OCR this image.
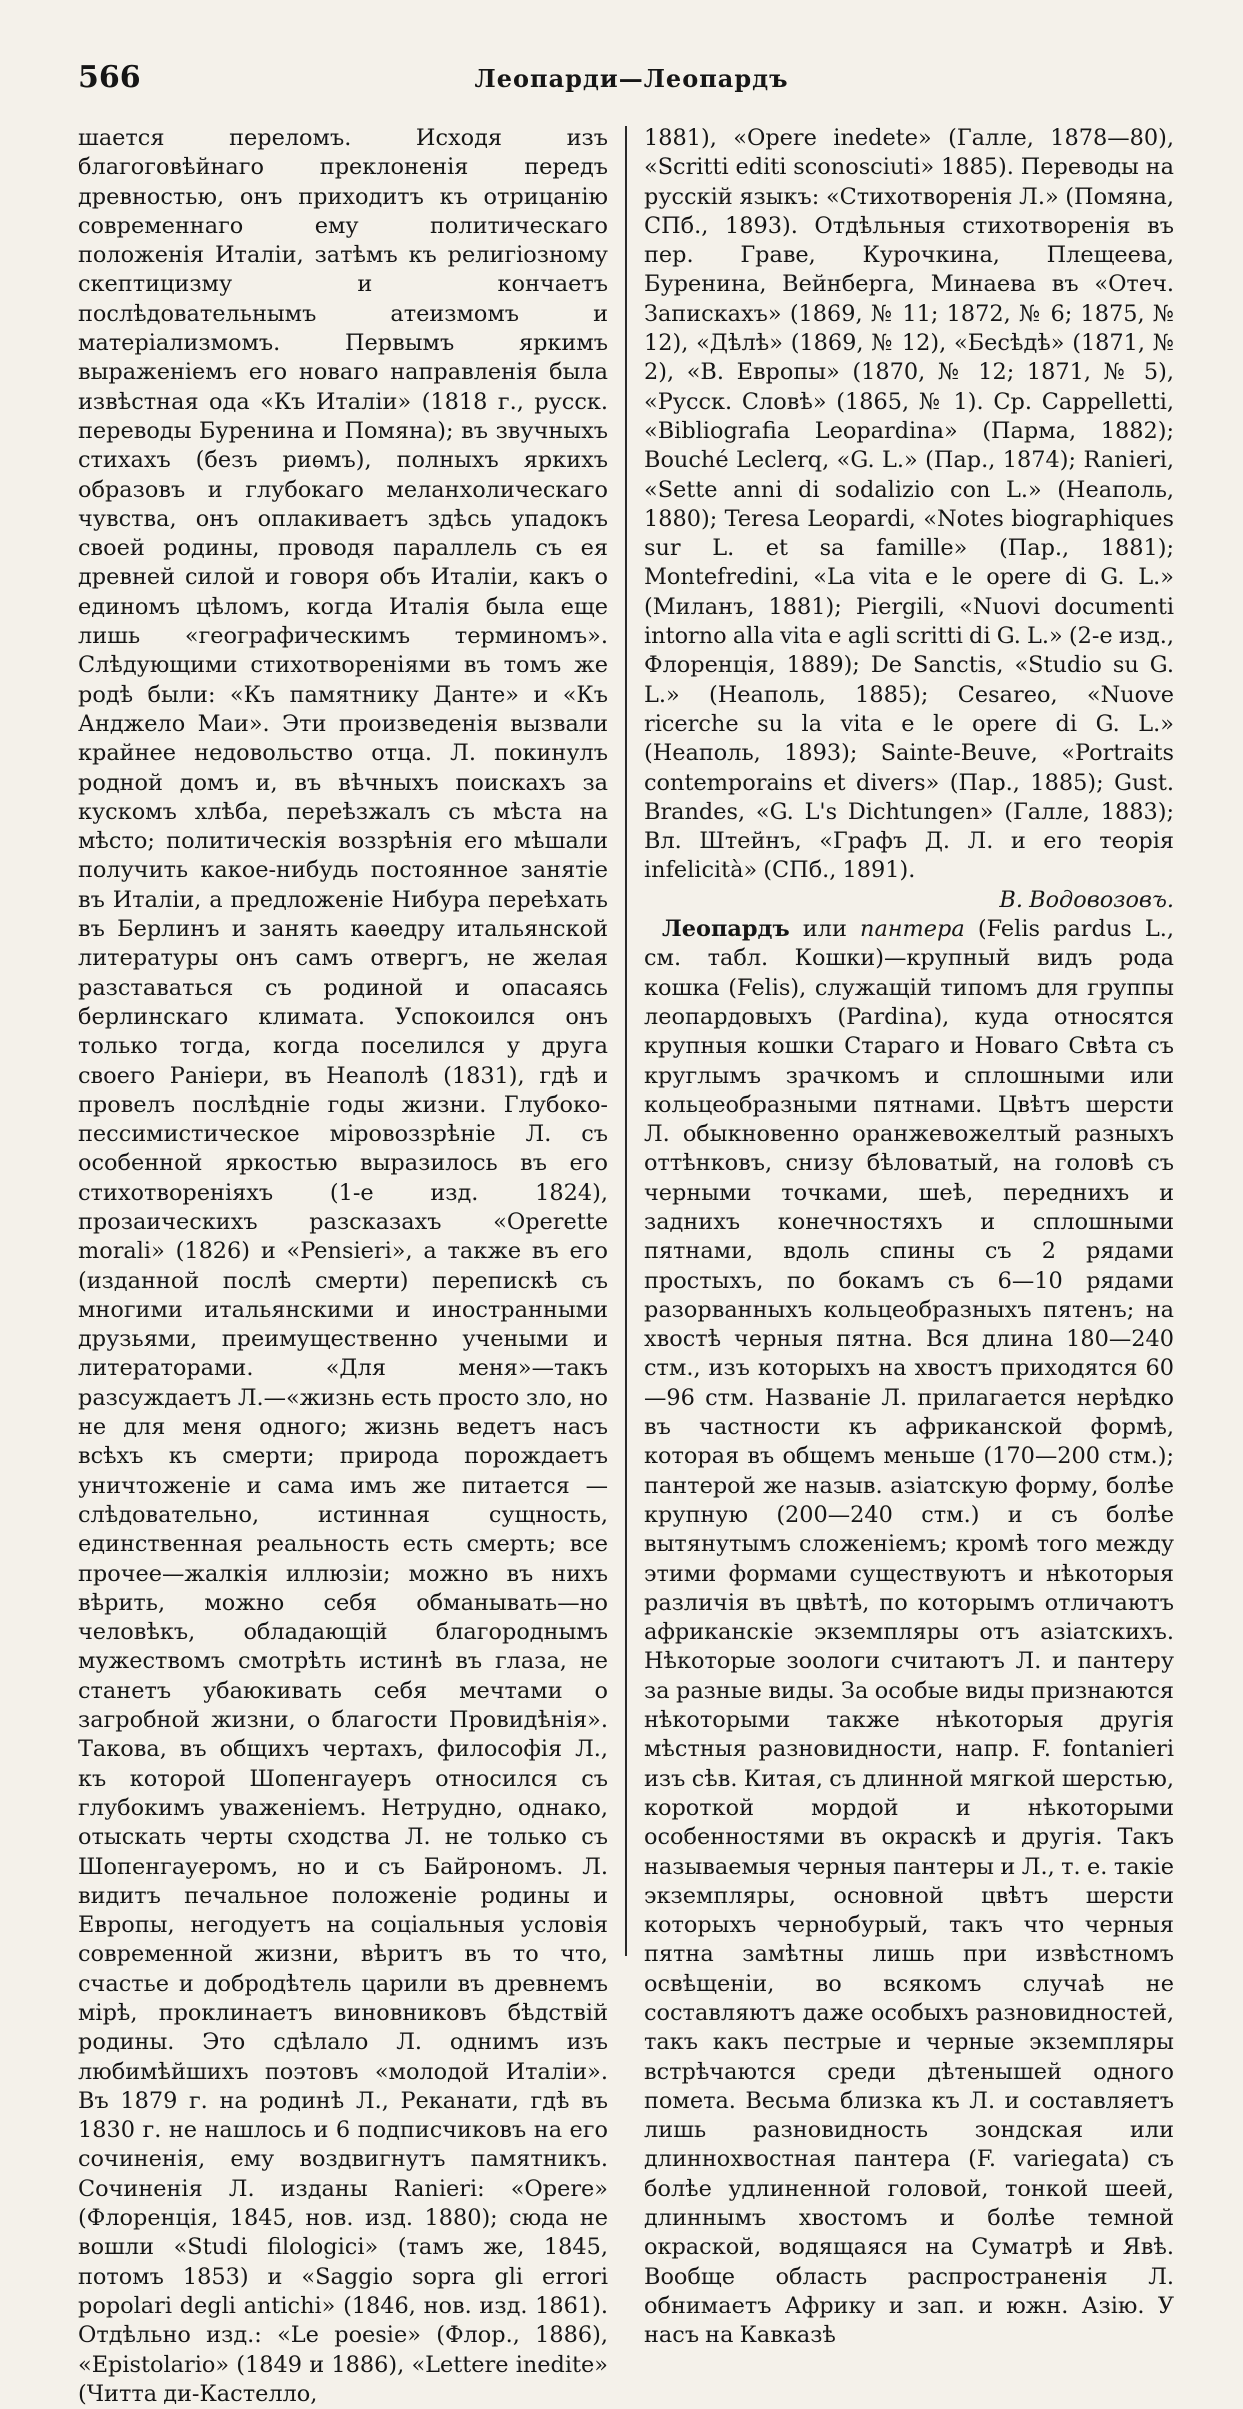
566	Леопарди—Леопардъ

шается переломъ. Исходя изъ благоговѣйнаго преклоненія передъ древностью, онъ приходитъ къ отрицанію современнаго ему политическаго положенія Италіи, затѣмъ къ религіозному скептицизму и кончаетъ послѣдовательнымъ атеизмомъ и матеріализмомъ. Первымъ яркимъ выраженіемъ его новаго направленія была извѣстная ода «Къ Италіи» (1818 г., русск. переводы Буренина и Помяна); въ звучныхъ стихахъ (безъ риѳмъ), полныхъ яркихъ образовъ и глубокаго меланхолическаго чувства, онъ оплакиваетъ здѣсь упадокъ своей родины, проводя параллель съ ея древней силой и говоря объ Италіи, какъ о единомъ цѣломъ, когда Италія была еще лишь «географическимъ терминомъ». Слѣдующими стихотвореніями въ томъ же родѣ были: «Къ памятнику Данте» и «Къ Анджело Маи». Эти произведенія вызвали крайнее недовольство отца. Л. покинулъ родной домъ и, въ вѣчныхъ поискахъ за кускомъ хлѣба, переѣзжалъ съ мѣста на мѣсто; политическія воззрѣнія его мѣшали получить какое-нибудь постоянное занятіе въ Италіи, а предложеніе Нибура переѣхать въ Берлинъ и занять каѳедру итальянской литературы онъ самъ отвергъ, не желая разставаться съ родиной и опасаясь берлинскаго климата. Успокоился онъ только тогда, когда поселился у друга своего Раніери, въ Неаполѣ (1831), гдѣ и провелъ послѣдніе годы жизни. Глубоко-пессимистическое міровоззрѣніе Л. съ особенной яркостью выразилось въ его стихотвореніяхъ (1-е изд. 1824), прозаическихъ разсказахъ «Operette morali» (1826) и «Pensieri», а также въ его (изданной послѣ смерти) перепискѣ съ многими итальянскими и иностранными друзьями, преимущественно учеными и литераторами. «Для меня»—такъ разсуждаетъ Л.—«жизнь есть просто зло, но не для меня одного; жизнь ведетъ насъ всѣхъ къ смерти; природа порождаетъ уничтоженіе и сама имъ же питается — слѣдовательно, истинная сущность, единственная реальность есть смерть; все прочее—жалкія иллюзіи; можно въ нихъ вѣрить, можно себя обманывать—но человѣкъ, обладающій благороднымъ мужествомъ смотрѣть истинѣ въ глаза, не станетъ убаюкивать себя мечтами о загробной жизни, о благости Провидѣнія». Такова, въ общихъ чертахъ, философія Л., къ которой Шопенгауеръ относился съ глубокимъ уваженіемъ. Нетрудно, однако, отыскать черты сходства Л. не только съ Шопенгауеромъ, но и съ Байрономъ. Л. видитъ печальное положеніе родины и Европы, негодуетъ на соціальныя условія современной жизни, вѣритъ въ то что, счастье и добродѣтель царили въ древнемъ мірѣ, проклинаетъ виновниковъ бѣдствій родины. Это сдѣлало Л. однимъ изъ любимѣйшихъ поэтовъ «молодой Италіи». Въ 1879 г. на родинѣ Л., Реканати, гдѣ въ 1830 г. не нашлось и 6 подписчиковъ на его сочиненія, ему воздвигнутъ памятникъ. Сочиненія Л. изданы Ranieri: «Opere» (Флоренція, 1845, нов. изд. 1880); сюда не вошли «Studi filologici» (тамъ же, 1845, потомъ 1853) и «Saggio sopra gli errori popolari degli antichi» (1846, нов. изд. 1861). Отдѣльно изд.: «Le poesie» (Флор., 1886), «Epistolario» (1849 и 1886), «Lettere inedite» (Читта ди-Кастелло,

1881), «Opere inedete» (Галле, 1878—80), «Scritti editi sconosciuti» 1885). Переводы на русскій языкъ: «Стихотворенія Л.» (Помяна, СПб., 1893). Отдѣльныя стихотворенія въ пер. Граве, Курочкина, Плещеева, Буренина, Вейнберга, Минаева въ «Отеч. Запискахъ» (1869, № 11; 1872, № 6; 1875, № 12), «Дѣлѣ» (1869, № 12), «Бесѣдѣ» (1871, № 2), «В. Европы» (1870, № 12; 1871, № 5), «Русск. Словѣ» (1865, № 1). Ср. Cappelletti, «Bibliografia Leopardina» (Парма, 1882); Bouché Leclerq, «G. L.» (Пар., 1874); Ranieri, «Sette anni di sodalizio con L.» (Неаполь, 1880); Teresa Leopardi, «Notes biographiques sur L. et sa famille» (Пар., 1881); Montefredini, «La vita e le opere di G. L.» (Миланъ, 1881); Piergili, «Nuovi documenti intorno alla vita e agli scritti di G. L.» (2-е изд., Флоренція, 1889); De Sanctis, «Studio su G. L.» (Неаполь, 1885); Cesareo, «Nuove ricerche su la vita e le opere di G. L.» (Неаполь, 1893); Sainte-Beuve, «Portraits contemporains et divers» (Пар., 1885); Gust. Brandes, «G. L's Dichtungen» (Галле, 1883); Вл. Штейнъ, «Графъ Д. Л. и его теорія infelicità» (СПб., 1891).

В. Водовозовъ.

Леопардъ или пантера (Felis pardus L., см. табл. Кошки)—крупный видъ рода кошка (Felis), служащій типомъ для группы леопардовыхъ (Pardina), куда относятся крупныя кошки Стараго и Новаго Свѣта съ круглымъ зрачкомъ и сплошными или кольцеобразными пятнами. Цвѣтъ шерсти Л. обыкновенно оранжевожелтый разныхъ оттѣнковъ, снизу бѣловатый, на головѣ съ черными точками, шеѣ, переднихъ и заднихъ конечностяхъ и сплошными пятнами, вдоль спины съ 2 рядами простыхъ, по бокамъ съ 6—10 рядами разорванныхъ кольцеобразныхъ пятенъ; на хвостѣ черныя пятна. Вся длина 180—240 стм., изъ которыхъ на хвостъ приходятся 60—96 стм. Названіе Л. прилагается нерѣдко въ частности къ африканской формѣ, которая въ общемъ меньше (170—200 стм.); пантерой же назыв. азіатскую форму, болѣе крупную (200—240 стм.) и съ болѣе вытянутымъ сложеніемъ; кромѣ того между этими формами существуютъ и нѣкоторыя различія въ цвѣтѣ, по которымъ отличаютъ африканскіе экземпляры отъ азіатскихъ. Нѣкоторые зоологи считаютъ Л. и пантеру за разные виды. За особые виды признаются нѣкоторыми также нѣкоторыя другія мѣстныя разновидности, напр. F. fontanieri изъ сѣв. Китая, съ длинной мягкой шерстью, короткой мордой и нѣкоторыми особенностями въ окраскѣ и другія. Такъ называемыя черныя пантеры и Л., т. е. такіе экземпляры, основной цвѣтъ шерсти которыхъ чернобурый, такъ что черныя пятна замѣтны лишь при извѣстномъ освѣщеніи, во всякомъ случаѣ не составляютъ даже особыхъ разновидностей, такъ какъ пестрые и черные экземпляры встрѣчаются среди дѣтенышей одного помета. Весьма близка къ Л. и составляетъ лишь разновидность зондская или длиннохвостная пантера (F. variegata) съ болѣе удлиненной головой, тонкой шеей, длиннымъ хвостомъ и болѣе темной окраской, водящаяся на Суматрѣ и Явѣ. Вообще область распространенія Л. обнимаетъ Африку и зап. и южн. Азію. У насъ на Кавказѣ
